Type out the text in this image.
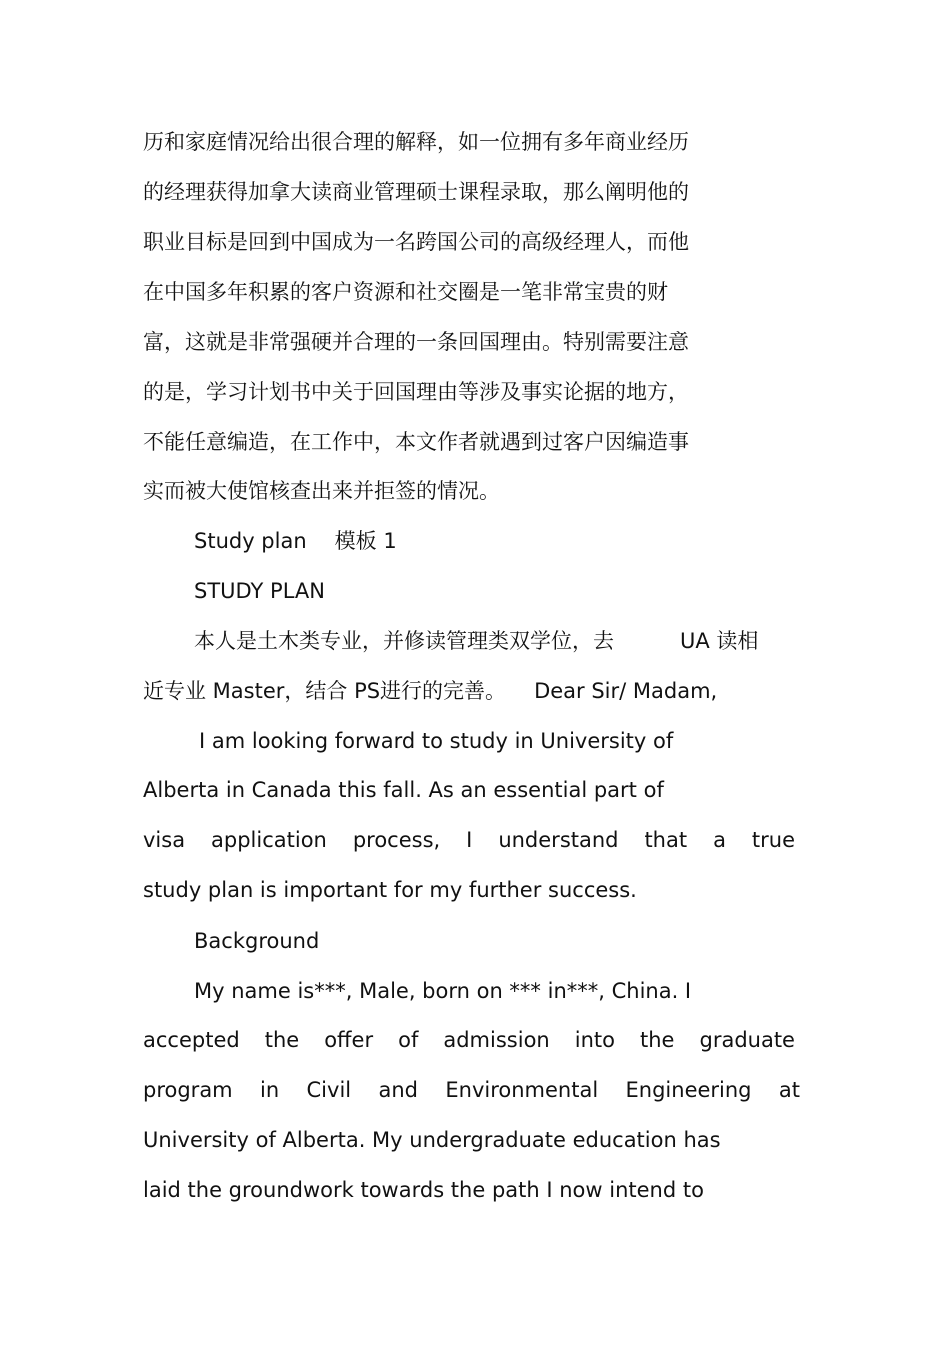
历和家庭情况给出很合理的解释，如一位拥有多年商业经历
的经理获得加拿大读商业管理硕士课程录取，那么阐明他的
职业目标是回到中国成为一名跨国公司的高级经理人，而他
在中国多年积累的客户资源和社交圈是一笔非常宝贵的财
富，这就是非常强硬并合理的一条回国理由。特别需要注意
的是，学习计划书中关于回国理由等涉及事实论据的地方，
不能任意编造，在工作中，本文作者就遇到过客户因编造事
实而被大使馆核查出来并拒签的情况。
Study plan 模板 1
STUDY PLAN
本人是土木类专业，并修读管理类双学位，去	UA 读相
近专业 Master，结合 PS进行的完善。 Dear Sir/ Madam,
I am looking forward to study in University of
Alberta in Canada this fall. As an essential part of
visa application process, I understand that a true
study plan is important for my further success.
Background
My name is***, Male, born on *** in***, China. I
accepted the offer of admission into the graduate
program in Civil and Environmental Engineering at
University of Alberta. My undergraduate education has
laid the groundwork towards the path I now intend to
